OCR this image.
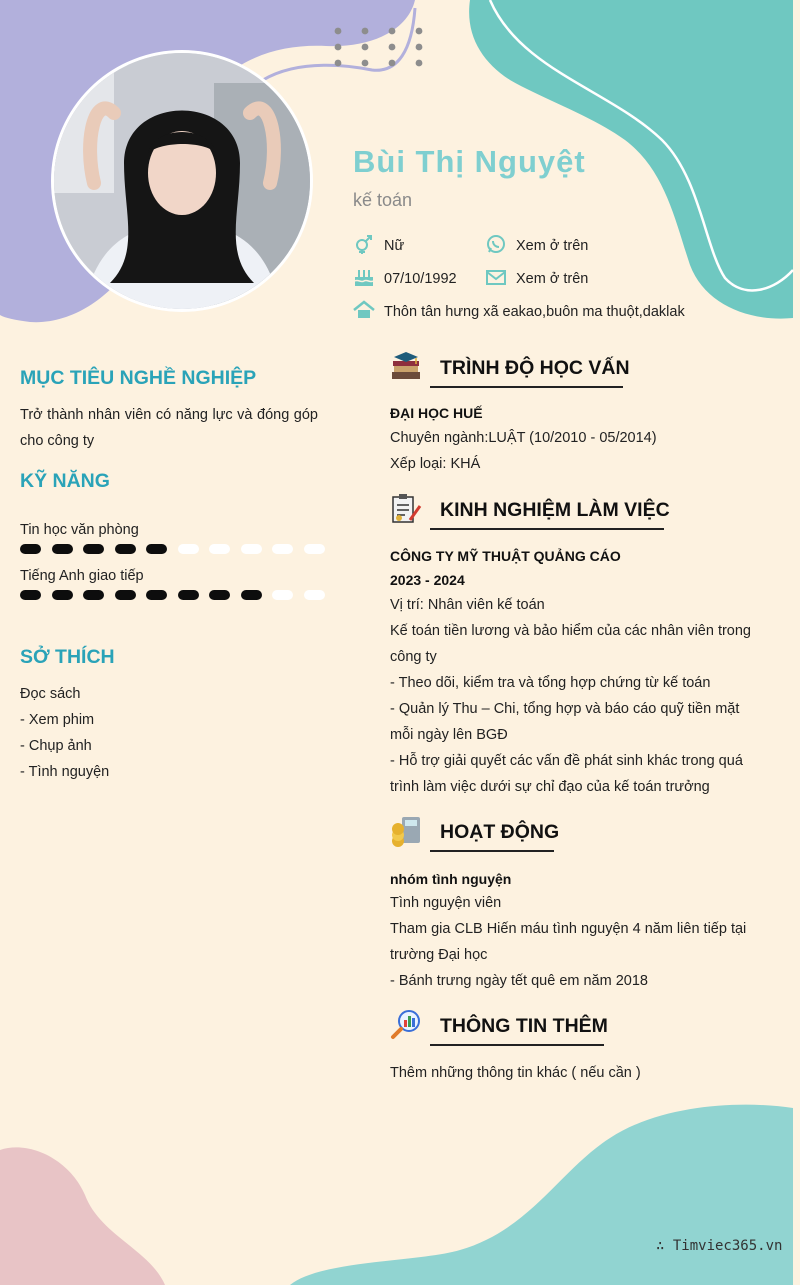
Bùi Thị Nguyệt
kế toán
Nữ	Xem ở trên
07/10/1992	Xem ở trên
Thôn tân hưng xã eakao,buôn ma thuột,daklak
MỤC TIÊU NGHỀ NGHIỆP
Trở thành nhân viên có năng lực và đóng góp cho công ty
KỸ NĂNG
Tin học văn phòng
Tiếng Anh giao tiếp
SỞ THÍCH
Đọc sách
- Xem phim
- Chụp ảnh
- Tình nguyện
TRÌNH ĐỘ HỌC VẤN
ĐẠI HỌC HUẾ
Chuyên ngành:LUẬT (10/2010 - 05/2014)
Xếp loại: KHÁ
KINH NGHIỆM LÀM VIỆC
CÔNG TY MỸ THUẬT QUẢNG CÁO
2023 - 2024
Vị trí: Nhân viên kế toán
Kế toán tiền lương và bảo hiểm của các nhân viên trong công ty
- Theo dõi, kiểm tra và tổng hợp chứng từ kế toán
- Quản lý Thu – Chi, tổng hợp và báo cáo quỹ tiền mặt mỗi ngày lên BGĐ
- Hỗ trợ giải quyết các vấn đề phát sinh khác trong quá trình làm việc dưới sự chỉ đạo của kế toán trưởng
HOẠT ĐỘNG
nhóm tình nguyện
Tình nguyện viên
Tham gia CLB Hiến máu tình nguyện 4 năm liên tiếp tại trường Đại học
- Bánh trưng ngày tết quê em năm 2018
THÔNG TIN THÊM
Thêm những thông tin khác ( nếu cần )
∴ Timviec365.vn
